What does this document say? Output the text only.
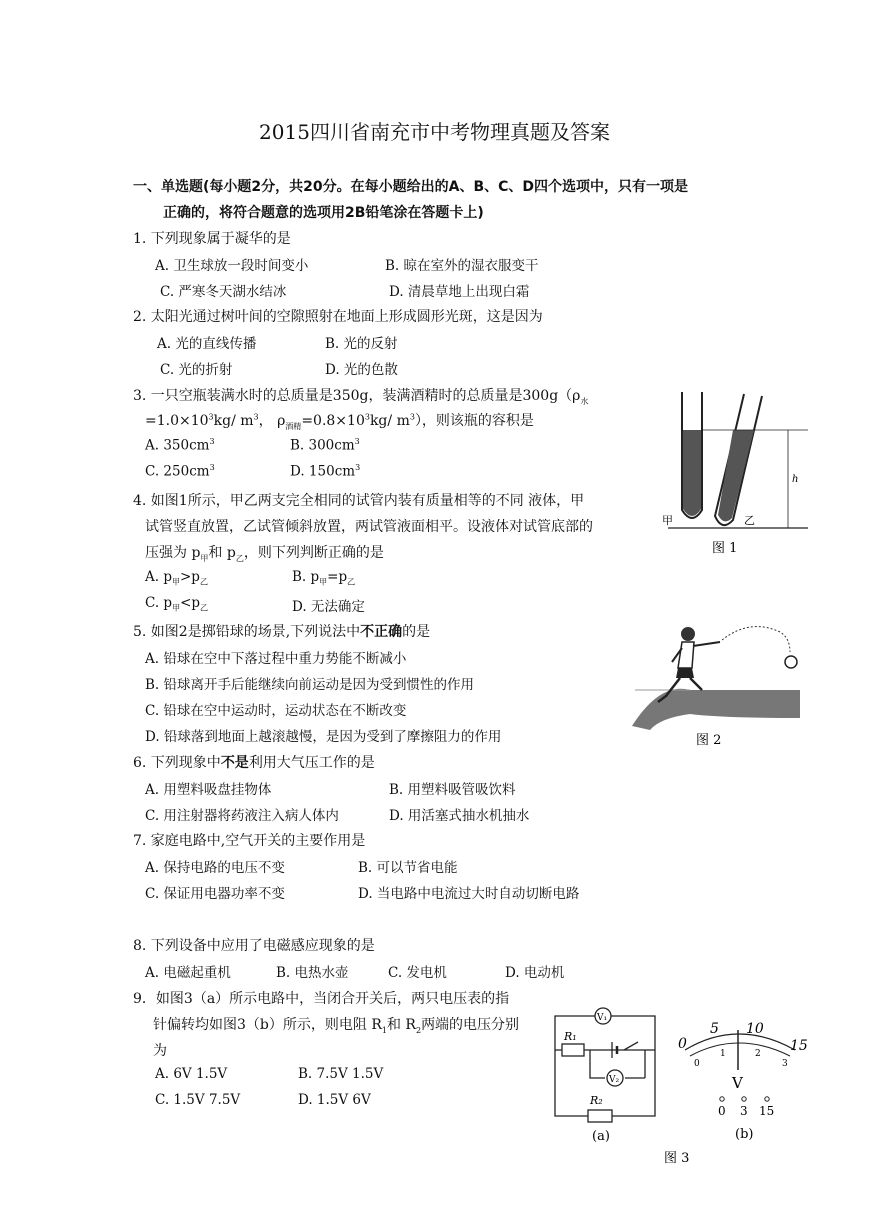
2015四川省南充市中考物理真题及答案
一、单选题(每小题2分，共20分。在每小题给出的A、B、C、D四个选项中，只有一项是
正确的，将符合题意的选项用2B铅笔涂在答题卡上)
1. 下列现象属于凝华的是
A. 卫生球放一段时间变小	B. 晾在室外的湿衣服变干
C. 严寒冬天湖水结冰	D. 清晨草地上出现白霜
2. 太阳光通过树叶间的空隙照射在地面上形成圆形光斑，这是因为
A. 光的直线传播	B. 光的反射
C. 光的折射	D. 光的色散
3. 一只空瓶装满水时的总质量是350g，装满酒精时的总质量是$300g(\rho_水$
$=1.0\times 10^3kg/$ $m^3$， $\rho_{酒精}=0.8\times 10^3kg/$ $m^3$），则该瓶的容积是
A. $350cm^3$	B. $300cm^3$
C. $250cm^3$	D. $150cm^3$
4. 如图1所示，甲乙两支完全相同的试管内装有质量相等的不同 液体，甲
试管竖直放置，乙试管倾斜放置，两试管液面相平。设液体对试管底部的
压强为 $p_甲$和 $p_乙$，则下列判断正确的是
A. $p_甲>p_乙$	B. $p_甲=p_乙$
C. $p_甲<p_乙$	D. 无法确定
5. 如图2是掷铅球的场景,下列说法中不正确的是
A. 铅球在空中下落过程中重力势能不断减小
B. 铅球离开手后能继续向前运动是因为受到惯性的作用
C. 铅球在空中运动时，运动状态在不断改变
D. 铅球落到地面上越滚越慢，是因为受到了摩擦阻力的作用
6. 下列现象中不是利用大气压工作的是
A. 用塑料吸盘挂物体	B. 用塑料吸管吸饮料
C. 用注射器将药液注入病人体内	D. 用活塞式抽水机抽水
7. 家庭电路中,空气开关的主要作用是
A. 保持电路的电压不变	B. 可以节省电能
C. 保证用电器功率不变	D. 当电路中电流过大时自动切断电路
8. 下列设备中应用了电磁感应现象的是
A. 电磁起重机	B. 电热水壶	C. 发电机	D. 电动机
9．如图3（a）所示电路中，当闭合开关后，两只电压表的指
针偏转均如图3（b）所示，则电阻 $R_1$和 $R_2$两端的电压分别
为
A. 6V 1.5V	B. 7.5V 1.5V
C. 1.5V 7.5V	D. 1.5V 6V
h
甲	乙
图 1
图 2
V₁
R₁
V₂
R₂
(a)
0
5 10
15
0
1	2
3
V
0 3 15
(b)
图 3
